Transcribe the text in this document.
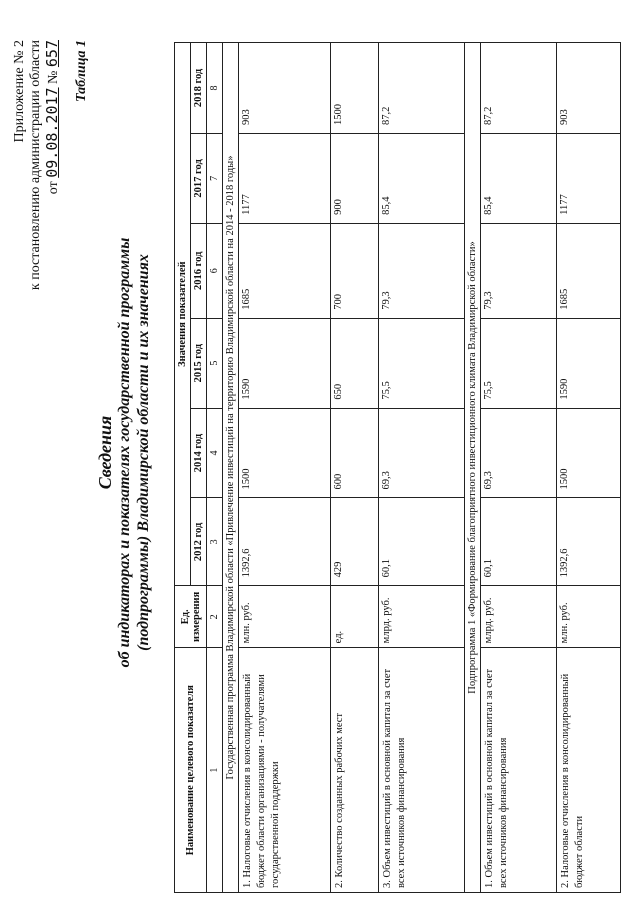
Приложение № 2 к постановлению администрации области от 09.08.2017 № 657 Таблица 1
Сведения об индикаторах и показателях государственной программы (подпрограммы) Владимирской области и их значениях
Наименование целевого показателя	Ед. измерения	Значения показателей					
		2012 год	2014 год	2015 год	2016 год	2017 год	2018 год
1	2	3	4	5	6	7	8
Государственная программа Владимирской области «Привлечение инвестиций на территорию Владимирской области на 2014 - 2018 годы»							
1. Налоговые отчисления в консолидированный бюджет области организациями - получателями государственной поддержки	млн. руб.	1392,6	1500	1590	1685	1177	903
2. Количество созданных рабочих мест	ед.	429	600	650	700	900	1500
3. Объем инвестиций в основной капитал за счет всех источников финансирования	млрд. руб.	60,1	69,3	75,5	79,3	85,4	87,2
Подпрограмма 1 «Формирование благоприятного инвестиционного климата Владимирской области»							
1. Объем инвестиций в основной капитал за счет всех источников финансирования	млрд. руб.	60,1	69,3	75,5	79,3	85,4	87,2
2. Налоговые отчисления в консолидированный бюджет области	млн. руб.	1392,6	1500	1590	1685	1177	903
